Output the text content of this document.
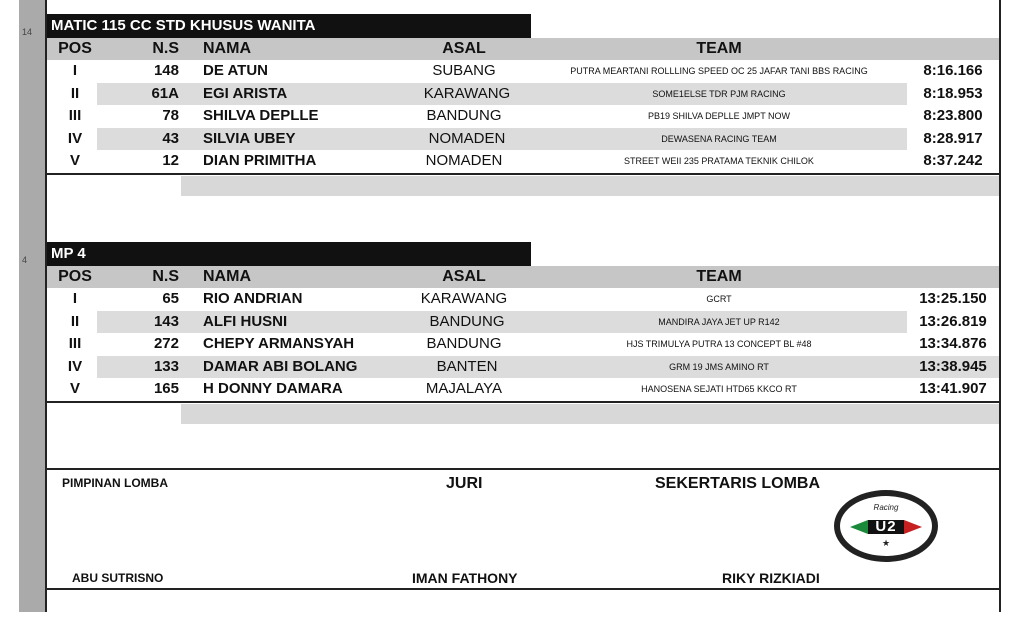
14
4
MATIC 115 CC STD KHUSUS WANITA
POS	N.S NAMA	ASAL	TEAM
I	148 DE ATUN	SUBANG	PUTRA MEARTANI ROLLLING SPEED OC 25 JAFAR TANI BBS RACING	8:16.166
II	61A	EGI ARISTA	KARAWANG	SOME1ELSE TDR PJM RACING	8:18.953
III	78 SHILVA DEPLLE	BANDUNG	PB19 SHILVA DEPLLE JMPT NOW	8:23.800
IV	43	SILVIA UBEY	NOMADEN	DEWASENA RACING TEAM	8:28.917
V	12 DIAN PRIMITHA	NOMADEN	STREET WEII 235 PRATAMA TEKNIK CHILOK	8:37.242
MP 4
POS	N.S NAMA	ASAL	TEAM
I	65 RIO ANDRIAN	KARAWANG	GCRT	13:25.150
II	143	ALFI HUSNI	BANDUNG	MANDIRA JAYA JET UP R142	13:26.819
III	272 CHEPY ARMANSYAH	BANDUNG	HJS TRIMULYA PUTRA 13 CONCEPT BL #48	13:34.876
IV	133	DAMAR ABI BOLANG	BANTEN	GRM 19 JMS AMINO RT	13:38.945
V	165 H DONNY DAMARA	MAJALAYA	HANOSENA SEJATI HTD65 KKCO RT	13:41.907
PIMPINAN LOMBA	JURI	SEKERTARIS LOMBA
ABU SUTRISNO	IMAN FATHONY	RIKY RIZKIADI
Racing
U2
★
